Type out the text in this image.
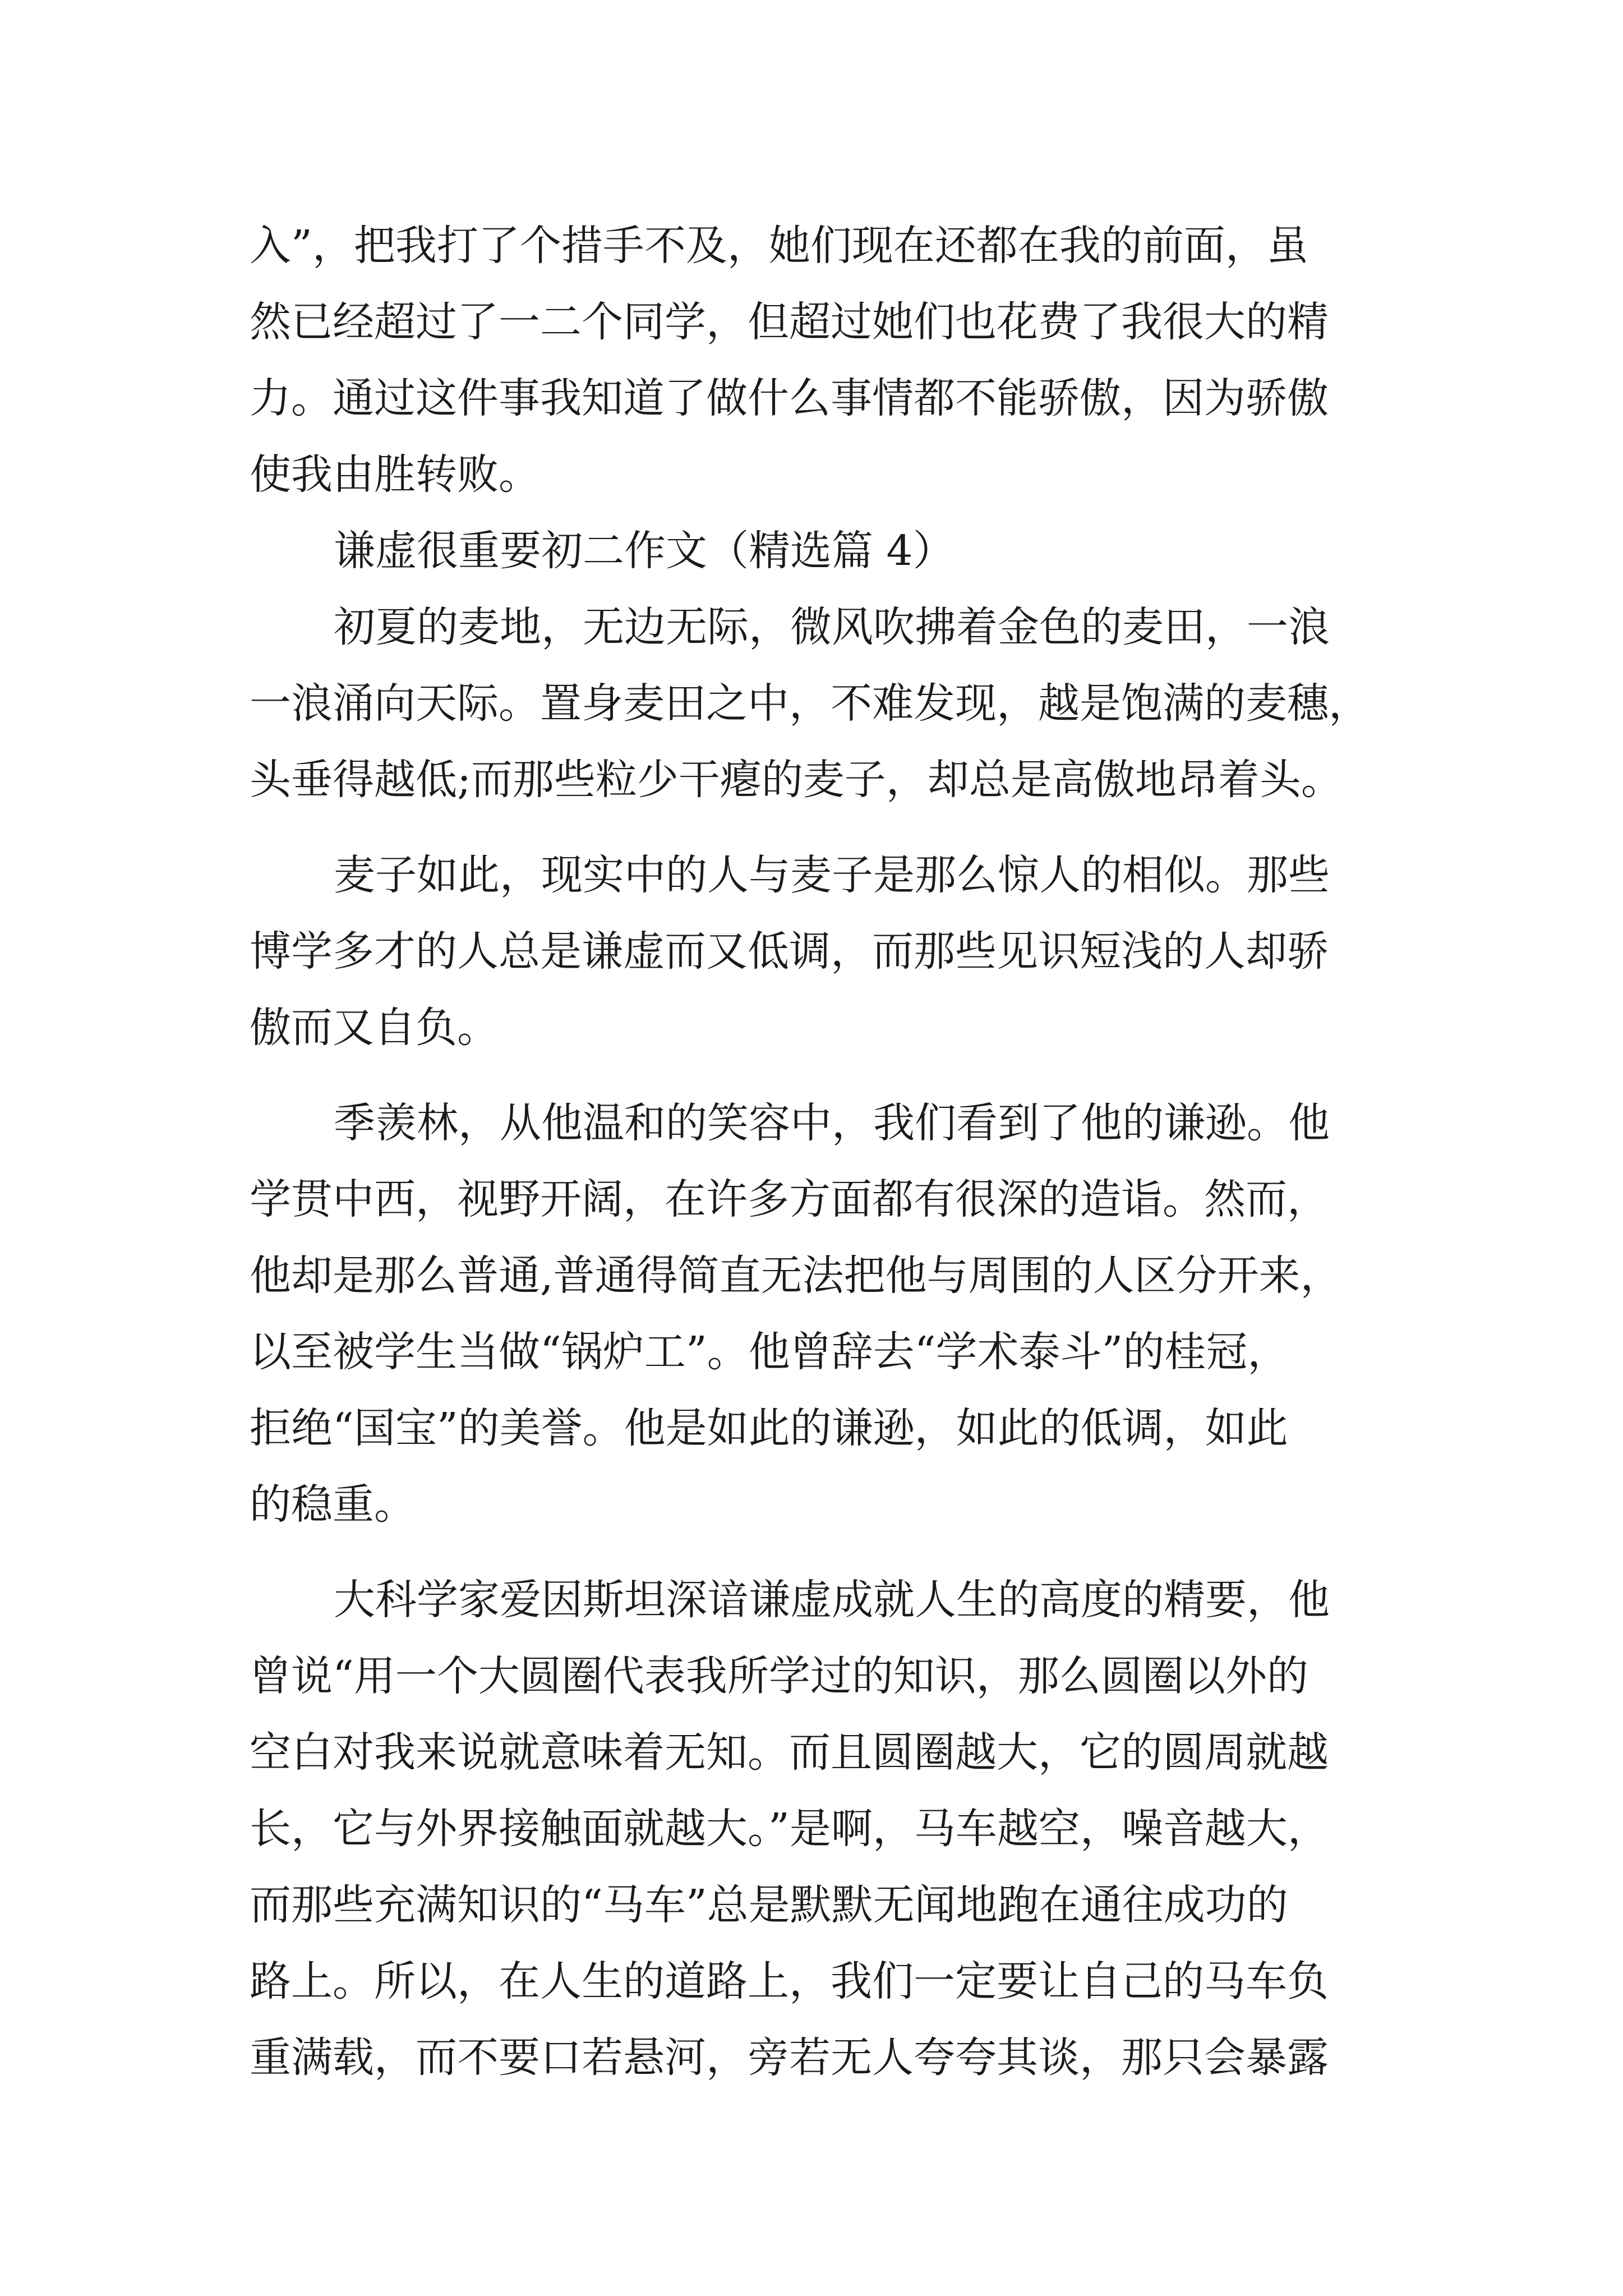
入”，把我打了个措手不及，她们现在还都在我的前面，虽
然已经超过了一二个同学，但超过她们也花费了我很大的精
力。通过这件事我知道了做什么事情都不能骄傲，因为骄傲
使我由胜转败。
谦虚很重要初二作文（精选篇 4）
初夏的麦地，无边无际，微风吹拂着金色的麦田，一浪
一浪涌向天际。置身麦田之中，不难发现，越是饱满的麦穗，
头垂得越低;而那些粒少干瘪的麦子，却总是高傲地昂着头。
麦子如此，现实中的人与麦子是那么惊人的相似。那些
博学多才的人总是谦虚而又低调，而那些见识短浅的人却骄
傲而又自负。
季羡林，从他温和的笑容中，我们看到了他的谦逊。他
学贯中西，视野开阔，在许多方面都有很深的造诣。然而，
他却是那么普通,普通得简直无法把他与周围的人区分开来，
以至被学生当做“锅炉工”。他曾辞去“学术泰斗”的桂冠，
拒绝“国宝”的美誉。他是如此的谦逊，如此的低调，如此
的稳重。
大科学家爱因斯坦深谙谦虚成就人生的高度的精要，他
曾说“用一个大圆圈代表我所学过的知识，那么圆圈以外的
空白对我来说就意味着无知。而且圆圈越大，它的圆周就越
长，它与外界接触面就越大。”是啊，马车越空，噪音越大，
而那些充满知识的“马车”总是默默无闻地跑在通往成功的
路上。所以，在人生的道路上，我们一定要让自己的马车负
重满载，而不要口若悬河，旁若无人夸夸其谈，那只会暴露
